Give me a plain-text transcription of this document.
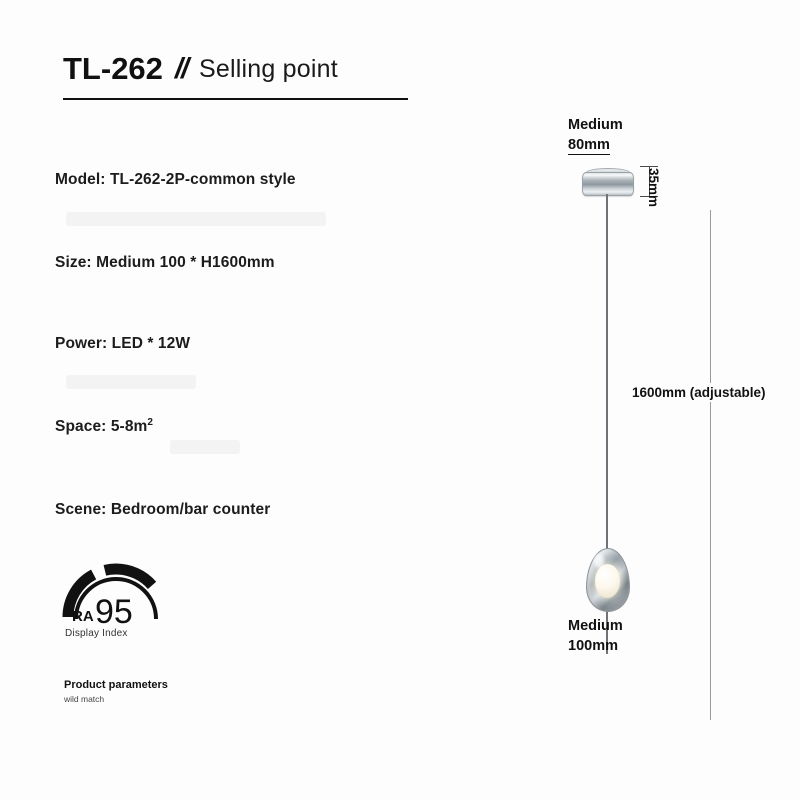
TL-262 // Selling point
Model: TL-262-2P-common style
Size: Medium 100 * H1600mm
Power: LED * 12W
Space: $5-8m^2$
Scene: Bedroom/bar counter
RA 95
Display Index
Product parameters
wild match
Medium
80mm
35mm
1600mm (adjustable)
Medium
100mm
